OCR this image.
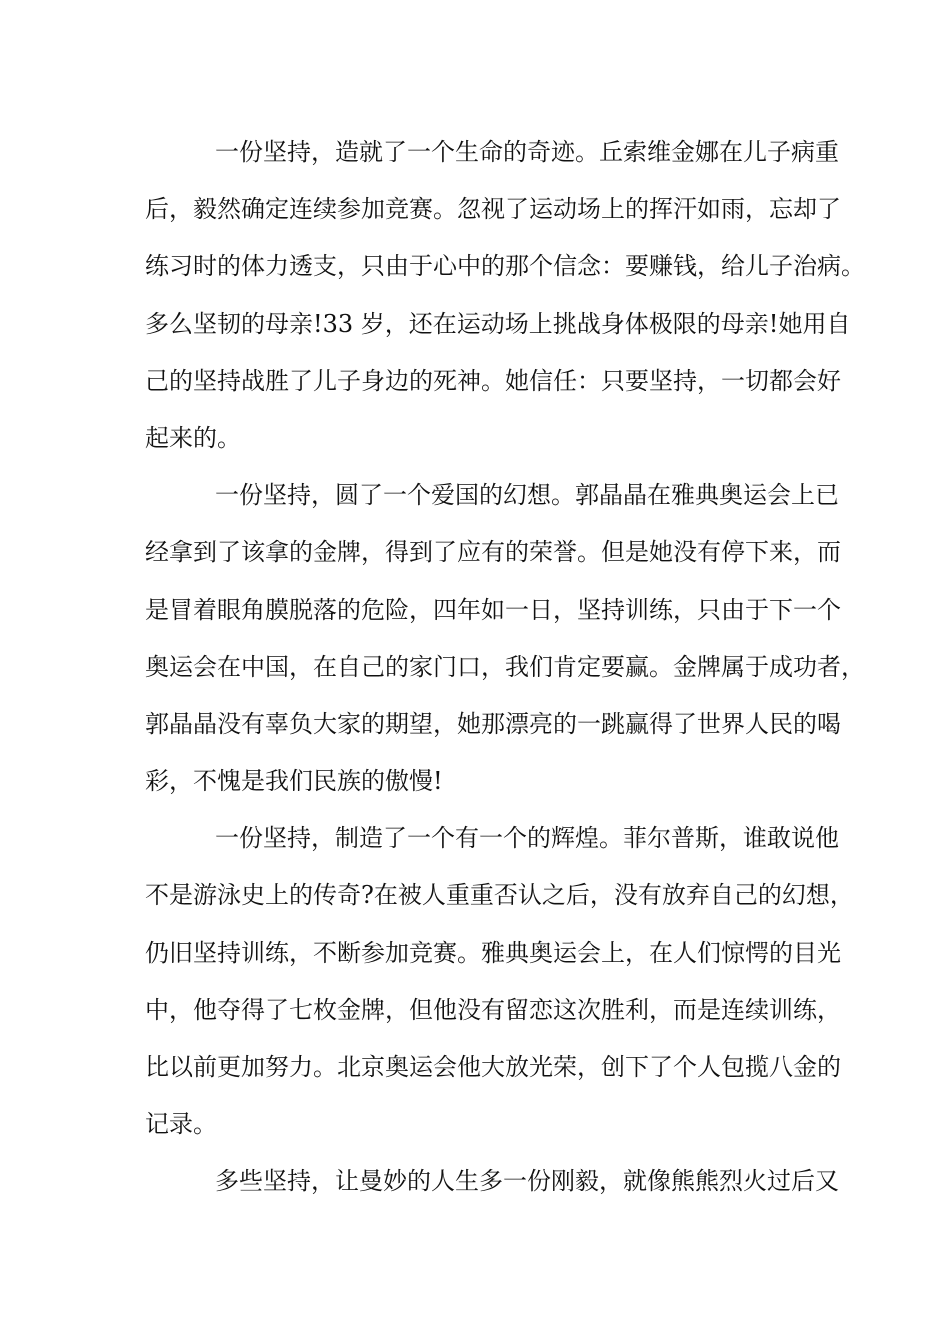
一份坚持，造就了一个生命的奇迹。丘索维金娜在儿子病重
后，毅然确定连续参加竞赛。忽视了运动场上的挥汗如雨，忘却了
练习时的体力透支，只由于心中的那个信念：要赚钱，给儿子治病。
多么坚韧的母亲!33 岁，还在运动场上挑战身体极限的母亲!她用自
己的坚持战胜了儿子身边的死神。她信任：只要坚持，一切都会好
起来的。
一份坚持，圆了一个爱国的幻想。郭晶晶在雅典奥运会上已
经拿到了该拿的金牌，得到了应有的荣誉。但是她没有停下来，而
是冒着眼角膜脱落的危险，四年如一日，坚持训练，只由于下一个
奥运会在中国，在自己的家门口，我们肯定要赢。金牌属于成功者，
郭晶晶没有辜负大家的期望，她那漂亮的一跳赢得了世界人民的喝
彩，不愧是我们民族的傲慢!
一份坚持，制造了一个有一个的辉煌。菲尔普斯，谁敢说他
不是游泳史上的传奇?在被人重重否认之后，没有放弃自己的幻想，
仍旧坚持训练，不断参加竞赛。雅典奥运会上，在人们惊愕的目光
中，他夺得了七枚金牌，但他没有留恋这次胜利，而是连续训练，
比以前更加努力。北京奥运会他大放光荣，创下了个人包揽八金的
记录。
多些坚持，让曼妙的人生多一份刚毅，就像熊熊烈火过后又
